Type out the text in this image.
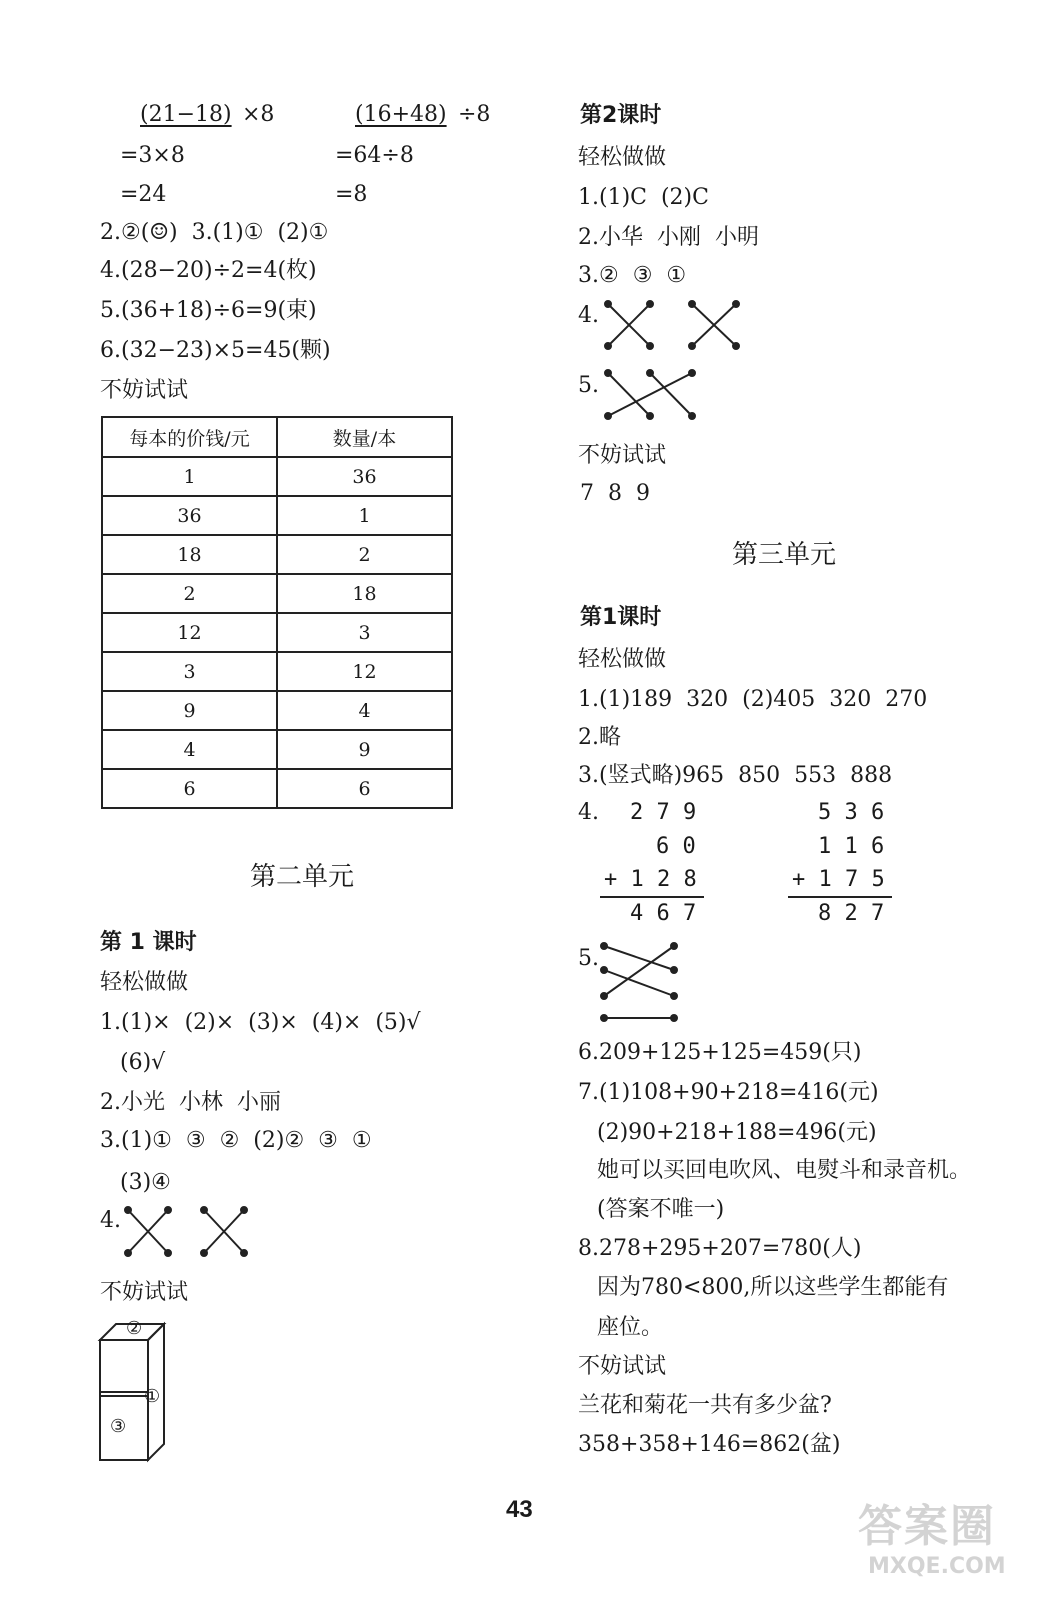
(21−18) ×8
=3×8
=24
(16+48) ÷8
=64÷8
=8
2.②(☺)  3.(1)①  (2)①
4.(28−20)÷2=4(枚)
5.(36+18)÷6=9(束)
6.(32−23)×5=45(颗)
不妨试试
每本的价钱/元	数量/本
1	36
36	1
18	2
2	18
12	3
3	12
9	4
4	9
6	6
第二单元
第 1 课时
轻松做做
1.(1)×  (2)×  (3)×  (4)×  (5)√
(6)√
2.小光  小林  小丽
3.(1)①  ③  ②  (2)②  ③  ①
(3)④
4.
不妨试试
②
①
③
第2课时
轻松做做
1.(1)C  (2)C
2.小华  小刚  小明
3.②  ③  ①
4.
5.
不妨试试
7  8  9
第三单元
第1课时
轻松做做
1.(1)189  320  (2)405  320  270
2.略
3.(竖式略)965  850  553  888
4. 2 7 9
6 0
+ 1 2 8
4 6 7
5 3 6
1 1 6
+ 1 7 5
8 2 7
5.
6.209+125+125=459(只)
7.(1)108+90+218=416(元)
(2)90+218+188=496(元)
她可以买回电吹风、电熨斗和录音机。
(答案不唯一)
8.278+295+207=780(人)
因为780<800,所以这些学生都能有
座位。
不妨试试
兰花和菊花一共有多少盆?
358+358+146=862(盆)
43	答案圈
MXQE.COM
